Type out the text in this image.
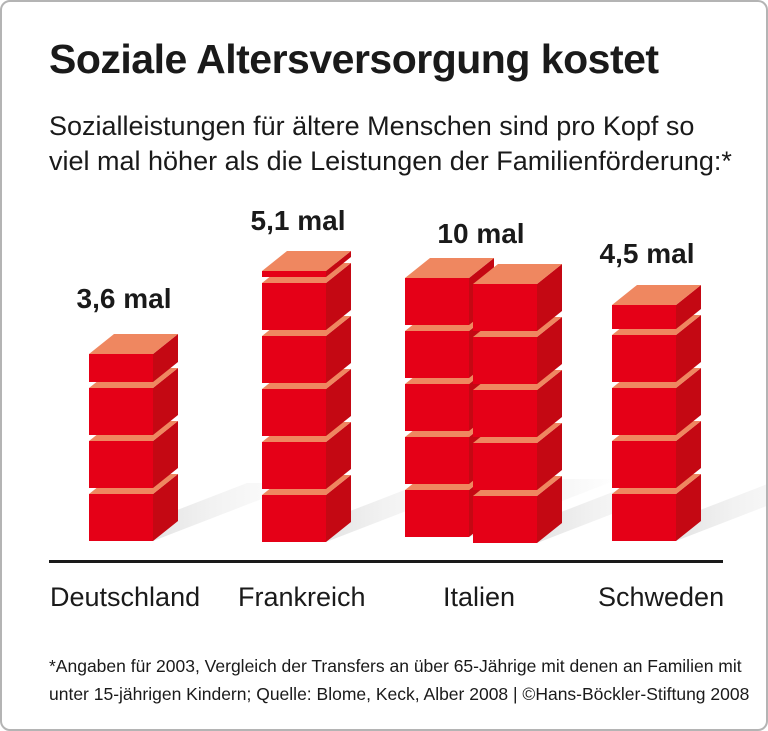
Soziale Altersversorgung kostet
Sozialleistungen für ältere Menschen sind pro Kopf so
viel mal höher als die Leistungen der Familienförderung:*
3,6 mal
5,1 mal	10 mal
4,5 mal
Deutschland Frankreich	Italien	Schweden
*Angaben für 2003, Vergleich der Transfers an über 65-Jährige mit denen an Familien mit
unter 15-jährigen Kindern; Quelle: Blome, Keck, Alber 2008 | ©Hans-Böckler-Stiftung 2008
